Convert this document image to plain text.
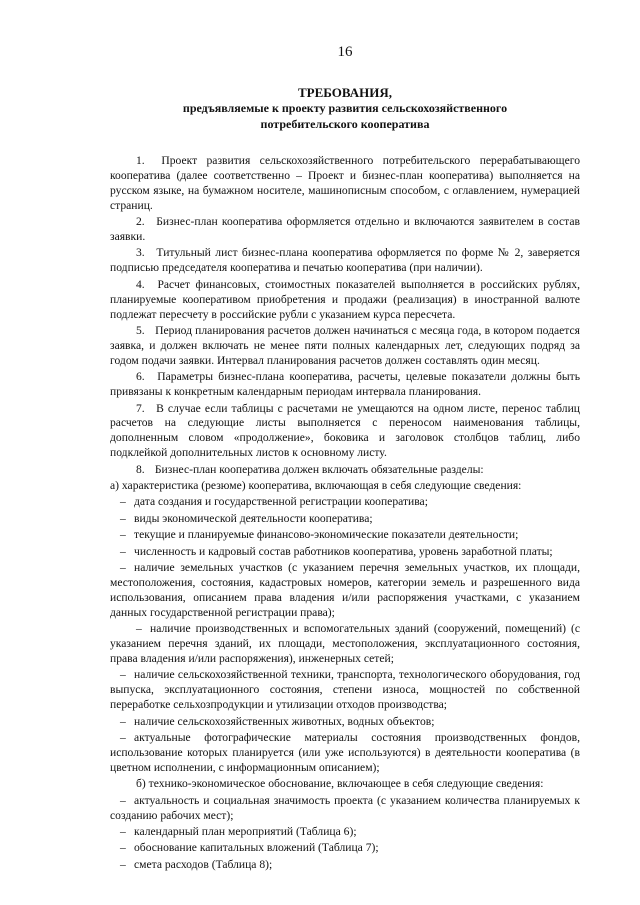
16
ТРЕБОВАНИЯ,
предъявляемые к проекту развития сельскохозяйственного
потребительского кооператива
1. Проект развития сельскохозяйственного потребительского перерабатывающего кооператива (далее соответственно – Проект и бизнес-план кооператива) выполняется на русском языке, на бумажном носителе, машинописным способом, с оглавлением, нумерацией страниц.
2. Бизнес-план кооператива оформляется отдельно и включаются заявителем в состав заявки.
3. Титульный лист бизнес-плана кооператива оформляется по форме № 2, заверяется подписью председателя кооператива и печатью кооператива (при наличии).
4. Расчет финансовых, стоимостных показателей выполняется в российских рублях, планируемые кооперативом приобретения и продажи (реализация) в иностранной валюте подлежат пересчету в российские рубли с указанием курса пересчета.
5. Период планирования расчетов должен начинаться с месяца года, в котором подается заявка, и должен включать не менее пяти полных календарных лет, следующих подряд за годом подачи заявки. Интервал планирования расчетов должен составлять один месяц.
6. Параметры бизнес-плана кооператива, расчеты, целевые показатели должны быть привязаны к конкретным календарным периодам интервала планирования.
7. В случае если таблицы с расчетами не умещаются на одном листе, перенос таблиц расчетов на следующие листы выполняется с переносом наименования таблицы, дополненным словом «продолжение», боковика и заголовок столбцов таблиц, либо подклейкой дополнительных листов к основному листу.
8. Бизнес-план кооператива должен включать обязательные разделы:
а) характеристика (резюме) кооператива, включающая в себя следующие сведения:
– дата создания и государственной регистрации кооператива;
– виды экономической деятельности кооператива;
– текущие и планируемые финансово-экономические показатели деятельности;
– численность и кадровый состав работников кооператива, уровень заработной платы;
– наличие земельных участков (с указанием перечня земельных участков, их площади, местоположения, состояния, кадастровых номеров, категории земель и разрешенного вида использования, описанием права владения и/или распоряжения участками, с указанием данных государственной регистрации права);
– наличие производственных и вспомогательных зданий (сооружений, помещений) (с указанием перечня зданий, их площади, местоположения, эксплуатационного состояния, права владения и/или распоряжения), инженерных сетей;
– наличие сельскохозяйственной техники, транспорта, технологического оборудования, год выпуска, эксплуатационного состояния, степени износа, мощностей по собственной переработке сельхозпродукции и утилизации отходов производства;
– наличие сельскохозяйственных животных, водных объектов;
– актуальные фотографические материалы состояния производственных фондов, использование которых планируется (или уже используются) в деятельности кооператива (в цветном исполнении, с информационным описанием);
б) технико-экономическое обоснование, включающее в себя следующие сведения:
– актуальность и социальная значимость проекта (с указанием количества планируемых к созданию рабочих мест);
– календарный план мероприятий (Таблица 6);
– обоснование капитальных вложений (Таблица 7);
– смета расходов (Таблица 8);
